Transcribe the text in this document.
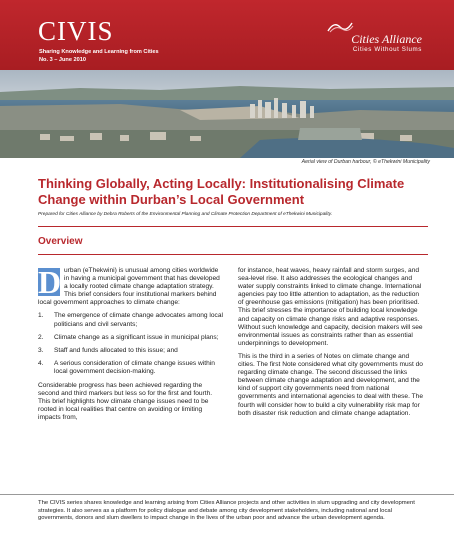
CIVIS
Sharing Knowledge and Learning from Cities
No. 3 – June 2010
Cities Alliance
Cities Without Slums
Aerial view of Durban harbour, © eThekwini Municipality
Thinking Globally, Acting Locally: Institutionalising Climate Change within Durban’s Local Government
Prepared for Cities Alliance by Debra Roberts of the Environmental Planning and Climate Protection Department of eThekwini Municipality.
Overview

D urban (eThekwini) is unusual among cities worldwide in having a municipal government that has developed a locally rooted climate change adaptation strategy. This brief considers four institutional markers behind local government approaches to climate change:

1. The emergence of climate change advocates among local politicians and civil servants;
2. Climate change as a significant issue in municipal plans;
3. Staff and funds allocated to this issue; and
4. A serious consideration of climate change issues within local government decision-making.

Considerable progress has been achieved regarding the second and third markers but less so for the first and fourth. This brief highlights how climate change issues need to be rooted in local realities that centre on avoiding or limiting impacts from,

for instance, heat waves, heavy rainfall and storm surges, and sea-level rise. It also addresses the ecological changes and water supply constraints linked to climate change. International agencies pay too little attention to adaptation, as the reduction of greenhouse gas emissions (mitigation) has been prioritised. This brief stresses the importance of building local knowledge and capacity on climate change risks and adaptive responses. Without such knowledge and capacity, decision makers will see environmental issues as constraints rather than as essential underpinnings to development.

This is the third in a series of Notes on climate change and cities. The first Note considered what city governments must do regarding climate change. The second discussed the links between climate change adaptation and development, and the kind of support city governments need from national governments and international agencies to deal with these. The fourth will consider how to build a city vulnerability risk map for both disaster risk reduction and climate change adaptation.

The CIVIS series shares knowledge and learning arising from Cities Alliance projects and other activities in slum upgrading and city development strategies. It also serves as a platform for policy dialogue and debate among city development stakeholders, including national and local governments, donors and slum dwellers to impact change in the lives of the urban poor and advance the urban development agenda.
